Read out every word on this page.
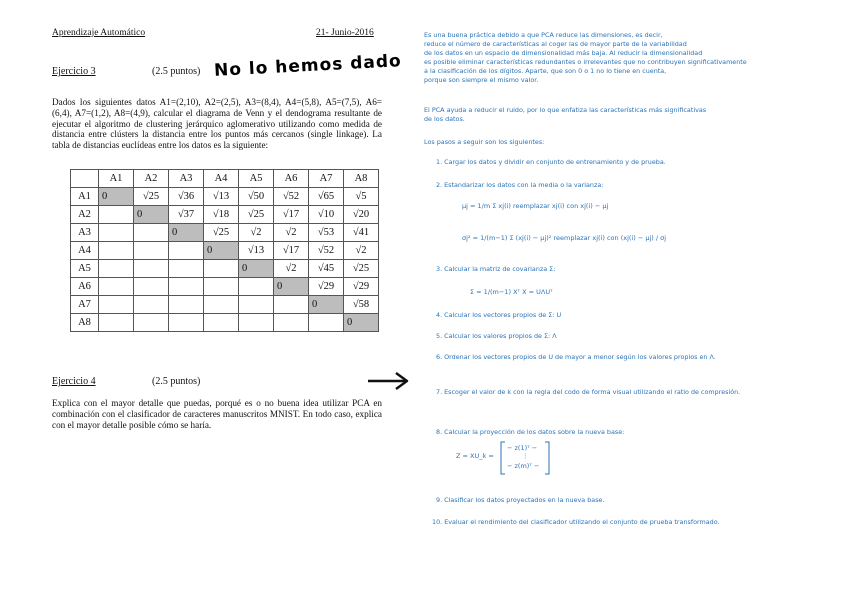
Aprendizaje Automático	21- Junio-2016
Ejercicio 3	(2.5 puntos) No lo hemos dado
Dados los siguientes datos A1=(2,10), A2=(2,5), A3=(8,4), A4=(5,8), A5=(7,5), A6=(6,4), A7=(1,2), A8=(4,9), calcular el diagrama de Venn y el dendograma resultante de ejecutar el algoritmo de clustering jerárquico aglomerativo utilizando como medida de distancia entre clústers la distancia entre los puntos más cercanos (single linkage). La tabla de distancias euclídeas entre los datos es la siguiente:
	A1	A2	A3	A4	A5	A6	A7	A8
A1	0	√25	√36	√13	√50	√52	√65	√5
A2		0	√37	√18	√25	√17	√10	√20
A3			0	√25	√2	√2	√53	√41
A4				0	√13	√17	√52	√2
A5					0	√2	√45	√25
A6						0	√29	√29
A7							0	√58
A8								0
Ejercicio 4	(2.5 puntos)
Explica con el mayor detalle que puedas, porqué es o no buena idea utilizar PCA en combinación con el clasificador de caracteres manuscritos MNIST. En todo caso, explica con el mayor detalle posible cómo se haría.
Es una buena práctica debido a que PCA reduce las dimensiones, es decir,
reduce el número de características al coger las de mayor parte de la variabilidad
de los datos en un espacio de dimensionalidad más baja. Al reducir la dimensionalidad
es posible eliminar características redundantes o irrelevantes que no contribuyen significativamente
a la clasificación de los dígitos. Aparte, que son 0 o 1 no lo tiene en cuenta,
porque son siempre el mismo valor.
El PCA ayuda a reducir el ruido, por lo que enfatiza las características más significativas
de los datos.
Los pasos a seguir son los siguientes:
1. Cargar los datos y dividir en conjunto de entrenamiento y de prueba.
2. Estandarizar los datos con la media o la varianza:
μj = 1/m Σ xj(i) reemplazar xj(i) con xj(i) − μj
σj² = 1/(m−1) Σ (xj(i) − μj)² reemplazar xj(i) con (xj(i) − μj) / σj
3. Calcular la matriz de covarianza Σ:
Σ = 1/(m−1) Xᵀ X = UΛUᵀ
4. Calcular los vectores propios de Σ: U
5. Calcular los valores propios de Σ: Λ
6. Ordenar los vectores propios de U de mayor a menor según los valores propios en Λ.
7. Escoger el valor de k con la regla del codo de forma visual utilizando el ratio de compresión.
8. Calcular la proyección de los datos sobre la nueva base:
Z = XU_k =
− z(1)ᵀ −
⋮
− z(m)ᵀ −
9. Clasificar los datos proyectados en la nueva base.
10. Evaluar el rendimiento del clasificador utilizando el conjunto de prueba transformado.
